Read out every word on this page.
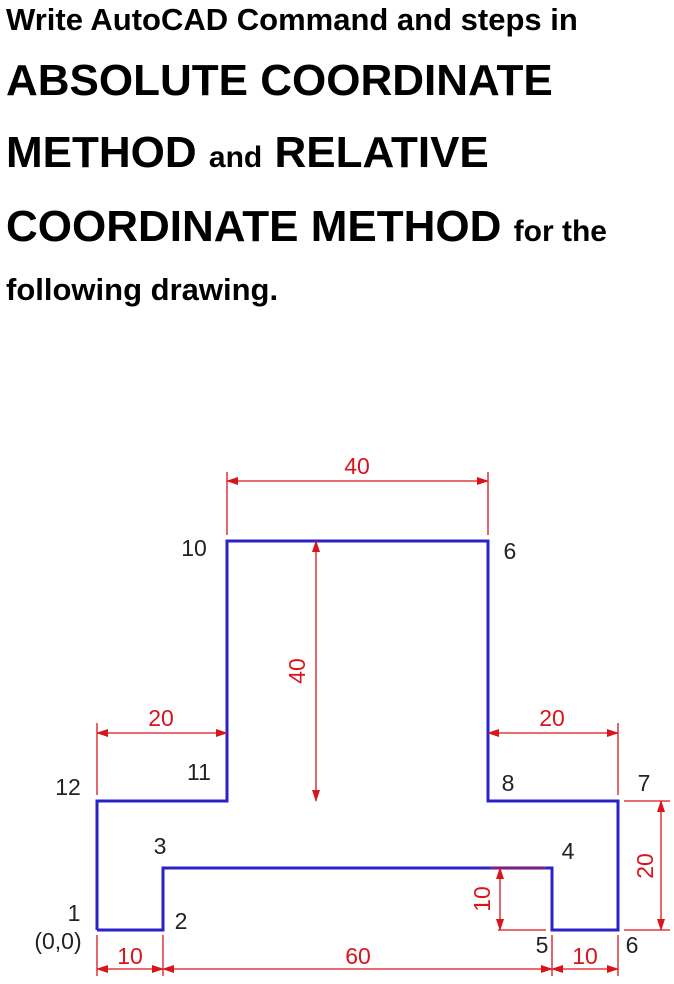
Write AutoCAD Command and steps in
ABSOLUTE COORDINATE
METHOD and RELATIVE
COORDINATE METHOD for the
following drawing.
40
40
20	20
20
10
10	60	10
1
(0,0)
2
3	4
5	6
7
8
9
10
11
12
